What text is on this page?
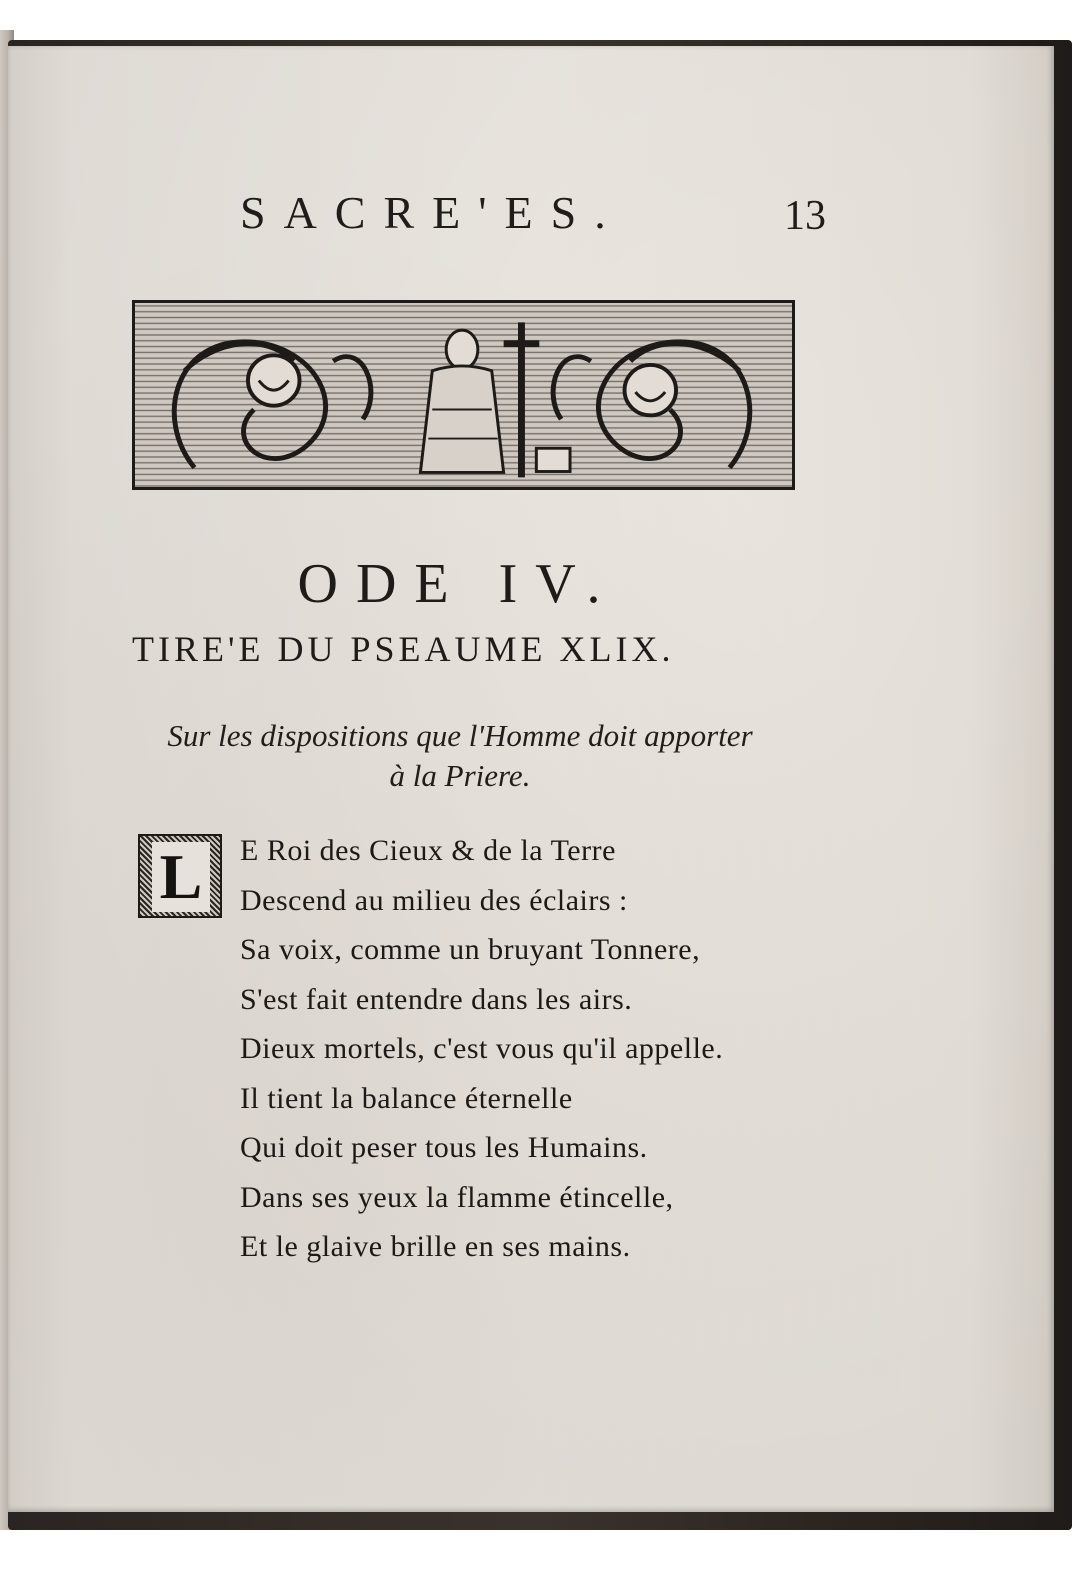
SACRE'ES.	13
ODE IV.
TIRE'E DU PSEAUME XLIX.
Sur les dispositions que l'Homme doit apporter
à la Priere.
L E Roi des Cieux & de la Terre
Descend au milieu des éclairs :
Sa voix, comme un bruyant Tonnere,
S'est fait entendre dans les airs.
Dieux mortels, c'est vous qu'il appelle.
Il tient la balance éternelle
Qui doit peser tous les Humains.
Dans ses yeux la flamme étincelle,
Et le glaive brille en ses mains.
